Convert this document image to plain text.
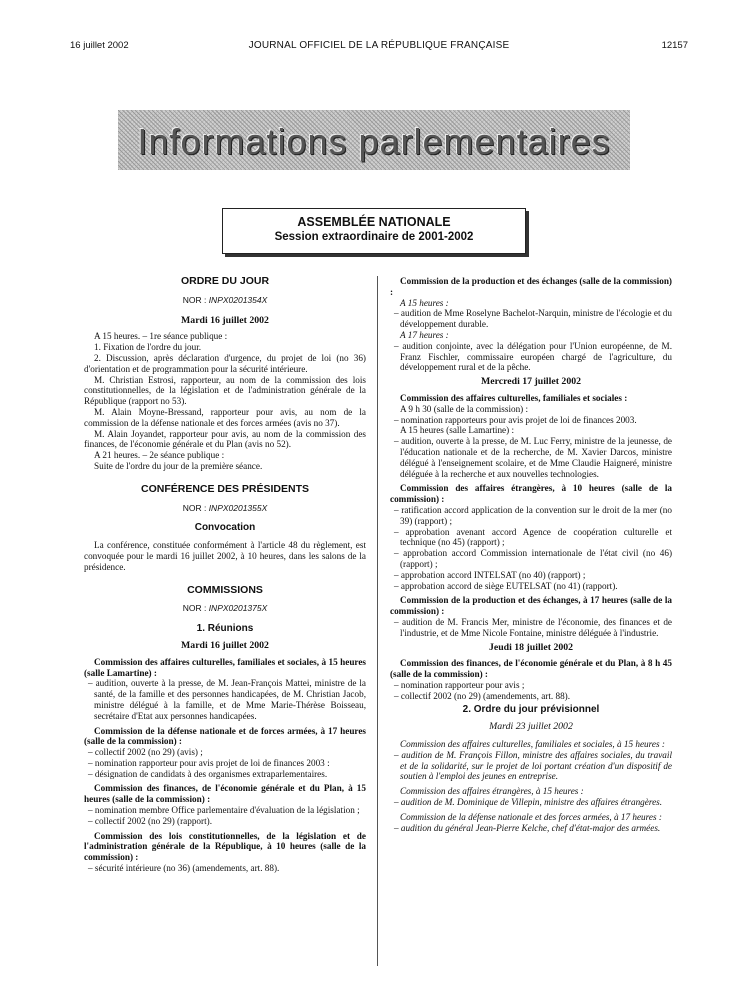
16 juillet 2002	JOURNAL OFFICIEL DE LA RÉPUBLIQUE FRANÇAISE	12157
Informations parlementaires
ASSEMBLÉE NATIONALE
Session extraordinaire de 2001-2002
ORDRE DU JOUR
NOR : INPX0201354X
Mardi 16 juillet 2002

A 15 heures. – 1re séance publique :

1. Fixation de l'ordre du jour.

2. Discussion, après déclaration d'urgence, du projet de loi (no 36) d'orientation et de programmation pour la sécurité intérieure.

M. Christian Estrosi, rapporteur, au nom de la commission des lois constitutionnelles, de la législation et de l'administration générale de la République (rapport no 53).

M. Alain Moyne-Bressand, rapporteur pour avis, au nom de la commission de la défense nationale et des forces armées (avis no 37).

M. Alain Joyandet, rapporteur pour avis, au nom de la commission des finances, de l'économie générale et du Plan (avis no 52).

A 21 heures. – 2e séance publique :

Suite de l'ordre du jour de la première séance.

CONFÉRENCE DES PRÉSIDENTS
NOR : INPX0201355X
Convocation

La conférence, constituée conformément à l'article 48 du règlement, est convoquée pour le mardi 16 juillet 2002, à 10 heures, dans les salons de la présidence.

COMMISSIONS
NOR : INPX0201375X
1. Réunions
Mardi 16 juillet 2002

Commission des affaires culturelles, familiales et sociales, à 15 heures (salle Lamartine) :

– audition, ouverte à la presse, de M. Jean-François Mattei, ministre de la santé, de la famille et des personnes handicapées, de M. Christian Jacob, ministre délégué à la famille, et de Mme Marie-Thérèse Boisseau, secrétaire d'Etat aux personnes handicapées.

Commission de la défense nationale et de forces armées, à 17 heures (salle de la commission) :

– collectif 2002 (no 29) (avis) ;

– nomination rapporteur pour avis projet de loi de finances 2003 :

– désignation de candidats à des organismes extraparlementaires.

Commission des finances, de l'économie générale et du Plan, à 15 heures (salle de la commission) :

– nomination membre Office parlementaire d'évaluation de la législation ;

– collectif 2002 (no 29) (rapport).

Commission des lois constitutionnelles, de la législation et de l'administration générale de la République, à 10 heures (salle de la commission) :

– sécurité intérieure (no 36) (amendements, art. 88).

Commission de la production et des échanges (salle de la commission) :

A 15 heures :

– audition de Mme Roselyne Bachelot-Narquin, ministre de l'écologie et du développement durable.

A 17 heures :

– audition conjointe, avec la délégation pour l'Union européenne, de M. Franz Fischler, commissaire européen chargé de l'agriculture, du développement rural et de la pêche.

Mercredi 17 juillet 2002

Commission des affaires culturelles, familiales et sociales :

A 9 h 30 (salle de la commission) :

– nomination rapporteurs pour avis projet de loi de finances 2003.

A 15 heures (salle Lamartine) :

– audition, ouverte à la presse, de M. Luc Ferry, ministre de la jeunesse, de l'éducation nationale et de la recherche, de M. Xavier Darcos, ministre délégué à l'enseignement scolaire, et de Mme Claudie Haigneré, ministre déléguée à la recherche et aux nouvelles technologies.

Commission des affaires étrangères, à 10 heures (salle de la commission) :

– ratification accord application de la convention sur le droit de la mer (no 39) (rapport) ;

– approbation avenant accord Agence de coopération culturelle et technique (no 45) (rapport) ;

– approbation accord Commission internationale de l'état civil (no 46) (rapport) ;

– approbation accord INTELSAT (no 40) (rapport) ;

– approbation accord de siège EUTELSAT (no 41) (rapport).

Commission de la production et des échanges, à 17 heures (salle de la commission) :

– audition de M. Francis Mer, ministre de l'économie, des finances et de l'industrie, et de Mme Nicole Fontaine, ministre déléguée à l'industrie.

Jeudi 18 juillet 2002

Commission des finances, de l'économie générale et du Plan, à 8 h 45 (salle de la commission) :

– nomination rapporteur pour avis ;

– collectif 2002 (no 29) (amendements, art. 88).

2. Ordre du jour prévisionnel
Mardi 23 juillet 2002

Commission des affaires culturelles, familiales et sociales, à 15 heures :

– audition de M. François Fillon, ministre des affaires sociales, du travail et de la solidarité, sur le projet de loi portant création d'un dispositif de soutien à l'emploi des jeunes en entreprise.

Commission des affaires étrangères, à 15 heures :

– audition de M. Dominique de Villepin, ministre des affaires étrangères.

Commission de la défense nationale et des forces armées, à 17 heures :

– audition du général Jean-Pierre Kelche, chef d'état-major des armées.
